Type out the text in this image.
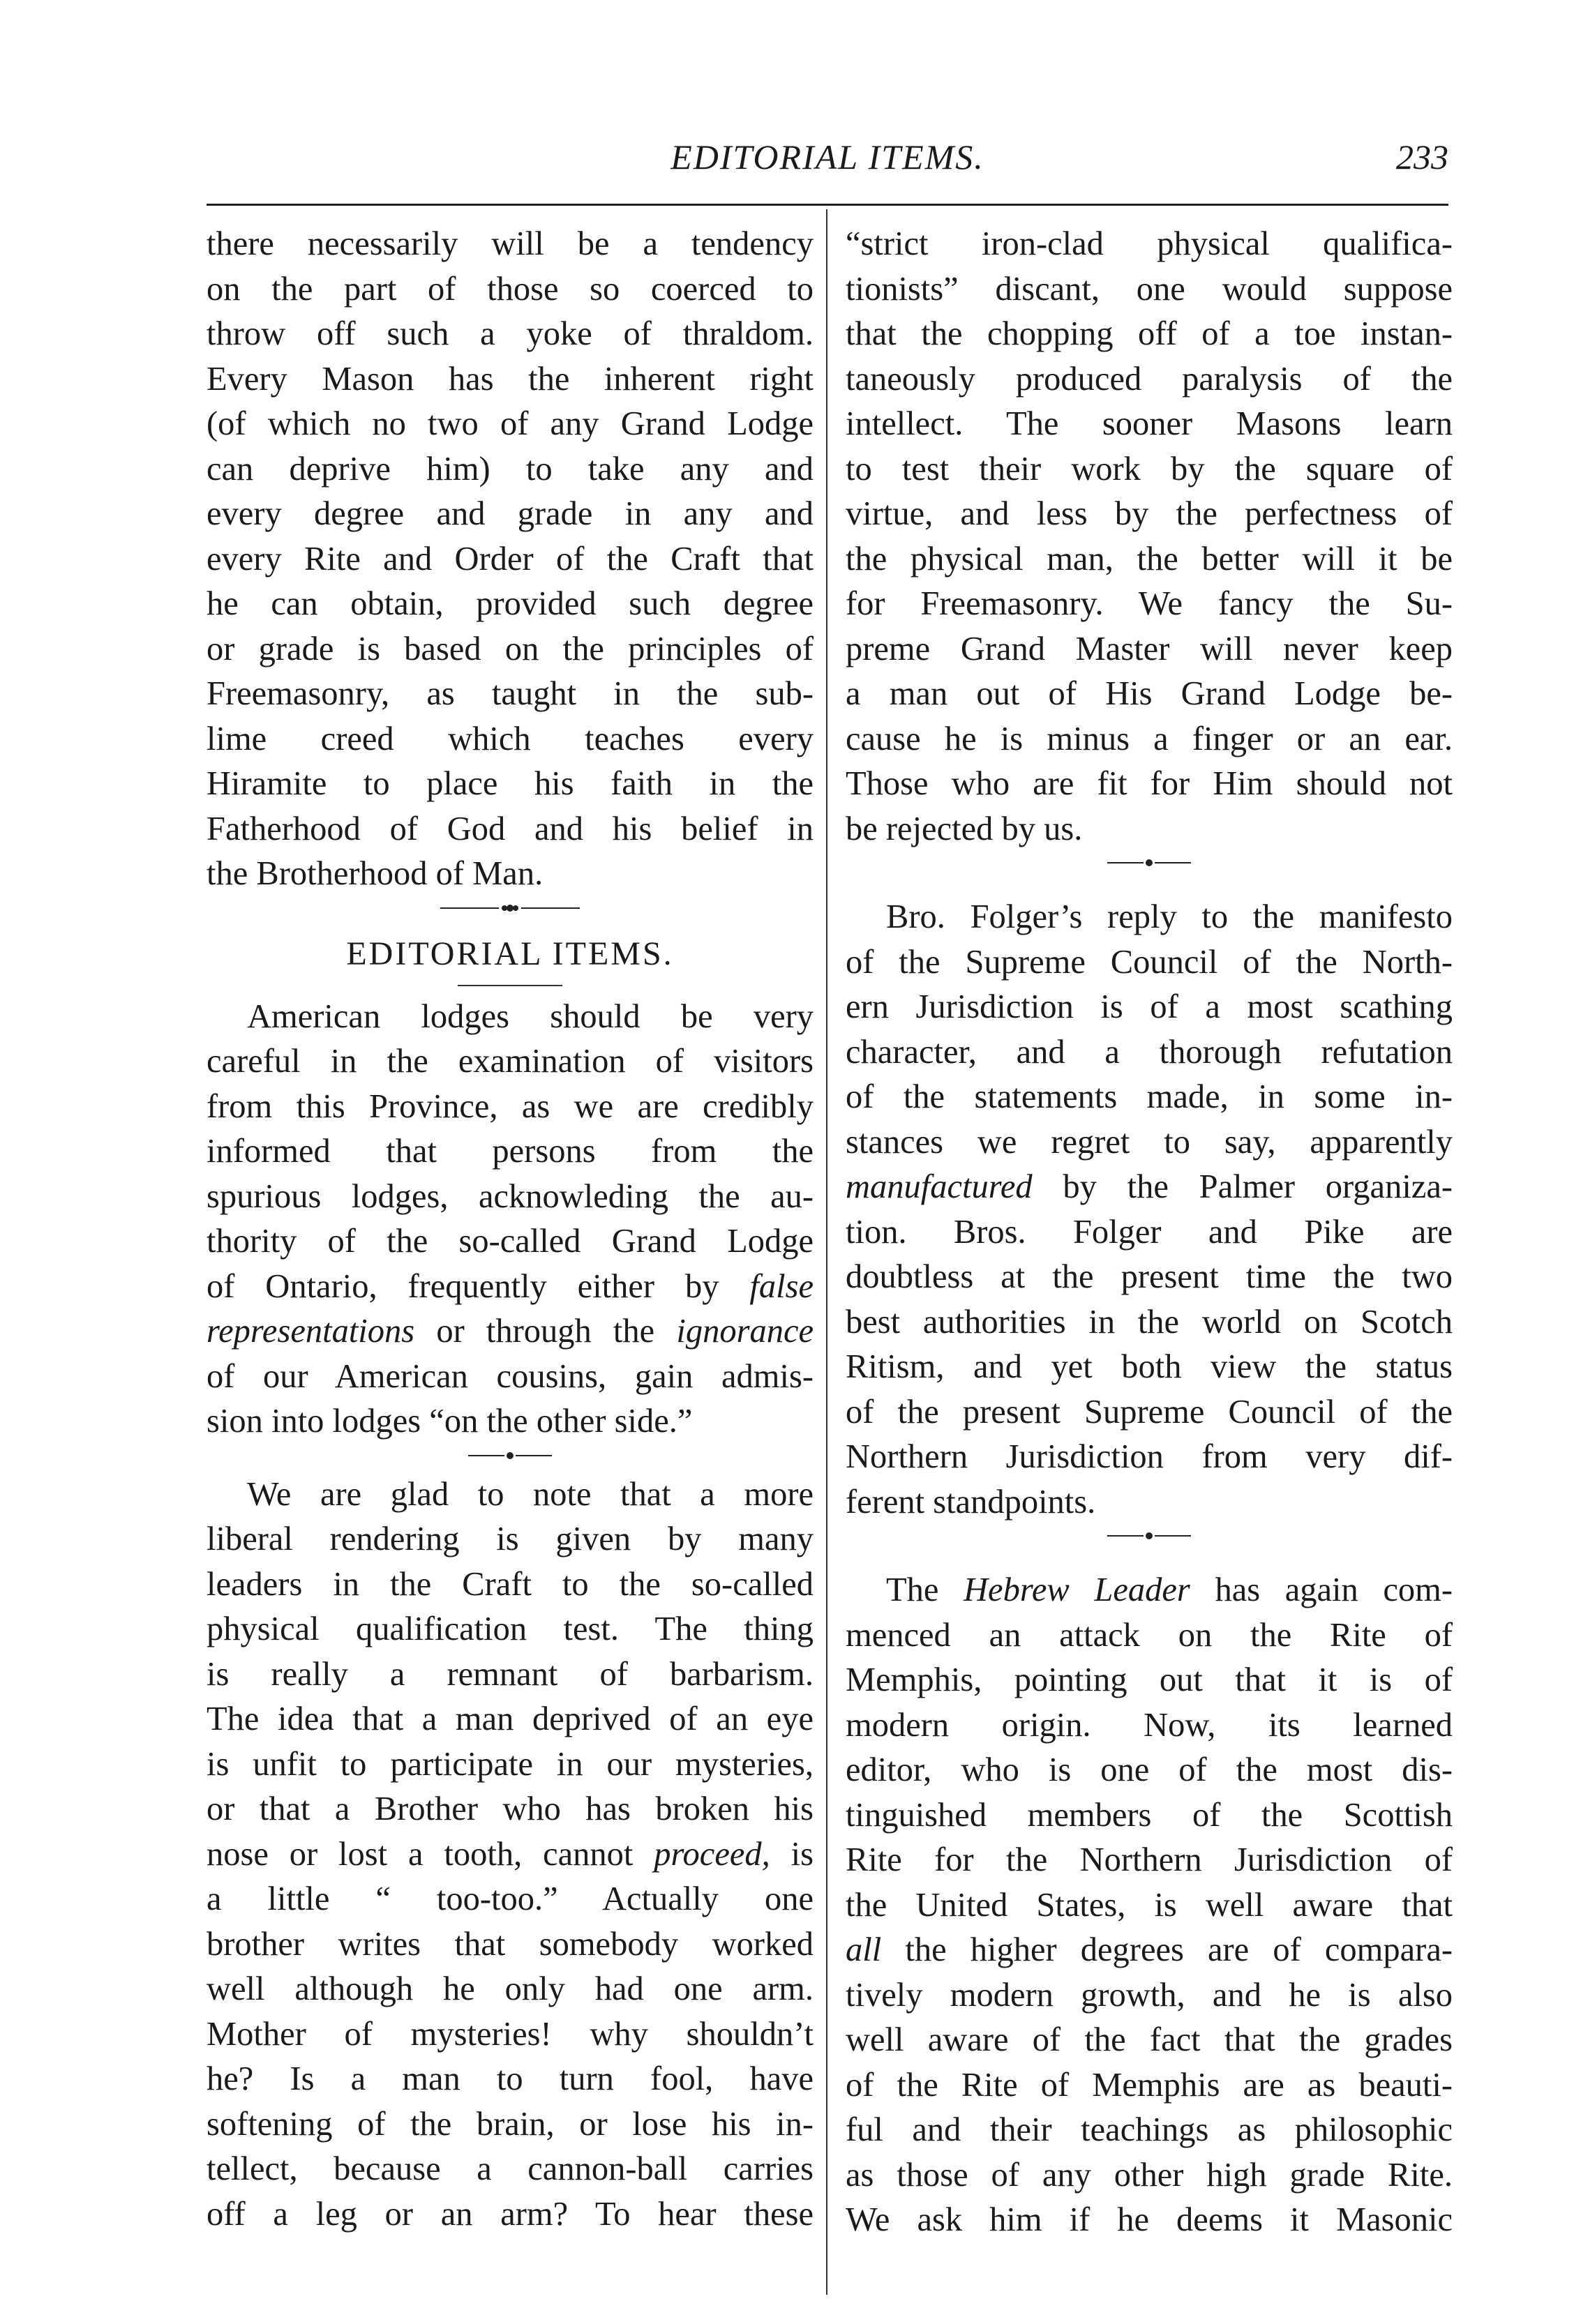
EDITORIAL ITEMS.	233
there necessarily will be a tendency
on the part of those so coerced to
throw off such a yoke of thraldom.
Every Mason has the inherent right
(of which no two of any Grand Lodge
can deprive him) to take any and
every degree and grade in any and
every Rite and Order of the Craft that
he can obtain, provided such degree
or grade is based on the principles of
Freemasonry, as taught in the sub-
lime creed which teaches every
Hiramite to place his faith in the
Fatherhood of God and his belief in
the Brotherhood of Man.
EDITORIAL ITEMS.
American lodges should be very
careful in the examination of visitors
from this Province, as we are credibly
informed that persons from the
spurious lodges, acknowleding the au-
thority of the so-called Grand Lodge
of Ontario, frequently either by false
representations or through the ignorance
of our American cousins, gain admis-
sion into lodges “on the other side.”
We are glad to note that a more
liberal rendering is given by many
leaders in the Craft to the so-called
physical qualification test. The thing
is really a remnant of barbarism.
The idea that a man deprived of an eye
is unfit to participate in our mysteries,
or that a Brother who has broken his
nose or lost a tooth, cannot proceed, is
a little “ too-too.” Actually one
brother writes that somebody worked
well although he only had one arm.
Mother of mysteries! why shouldn’t
he? Is a man to turn fool, have
softening of the brain, or lose his in-
tellect, because a cannon-ball carries
off a leg or an arm? To hear these
“strict iron-clad physical qualifica-
tionists” discant, one would suppose
that the chopping off of a toe instan-
taneously produced paralysis of the
intellect. The sooner Masons learn
to test their work by the square of
virtue, and less by the perfectness of
the physical man, the better will it be
for Freemasonry. We fancy the Su-
preme Grand Master will never keep
a man out of His Grand Lodge be-
cause he is minus a finger or an ear.
Those who are fit for Him should not
be rejected by us.
Bro. Folger’s reply to the manifesto
of the Supreme Council of the North-
ern Jurisdiction is of a most scathing
character, and a thorough refutation
of the statements made, in some in-
stances we regret to say, apparently
manufactured by the Palmer organiza-
tion. Bros. Folger and Pike are
doubtless at the present time the two
best authorities in the world on Scotch
Ritism, and yet both view the status
of the present Supreme Council of the
Northern Jurisdiction from very dif-
ferent standpoints.
The Hebrew Leader has again com-
menced an attack on the Rite of
Memphis, pointing out that it is of
modern origin. Now, its learned
editor, who is one of the most dis-
tinguished members of the Scottish
Rite for the Northern Jurisdiction of
the United States, is well aware that
all the higher degrees are of compara-
tively modern growth, and he is also
well aware of the fact that the grades
of the Rite of Memphis are as beauti-
ful and their teachings as philosophic
as those of any other high grade Rite.
We ask him if he deems it Masonic
